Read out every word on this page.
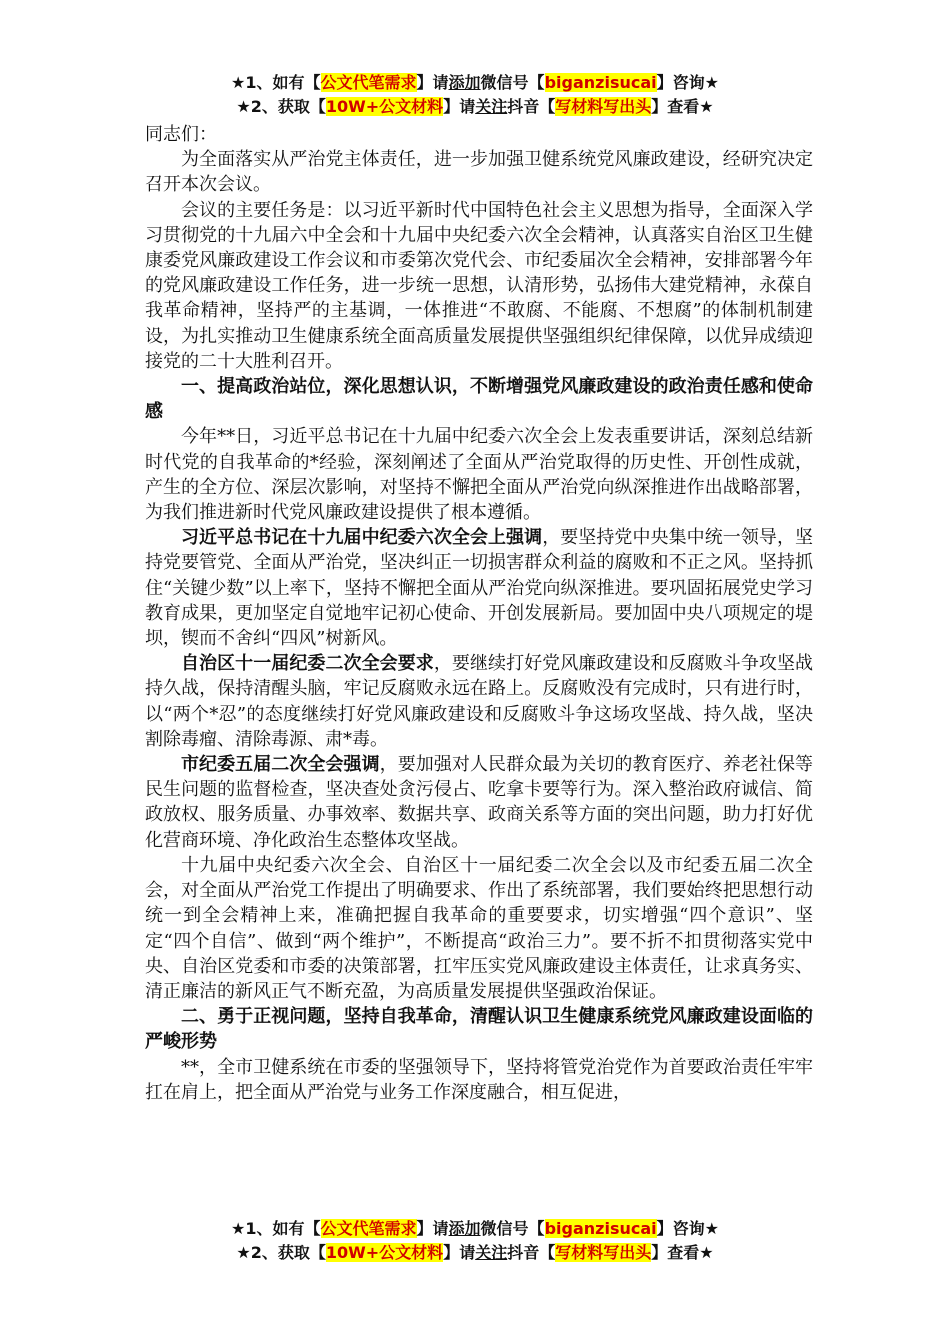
★1、如有【公文代笔需求】请添加微信号【biganzisucai】咨询★
★2、获取【10W+公文材料】请关注抖音【写材料写出头】查看★

同志们：

为全面落实从严治党主体责任，进一步加强卫健系统党风廉政建设，经研究决定召开本次会议。

会议的主要任务是：以习近平新时代中国特色社会主义思想为指导，全面深入学习贯彻党的十九届六中全会和十九届中央纪委六次全会精神，认真落实自治区卫生健康委党风廉政建设工作会议和市委第次党代会、市纪委届次全会精神，安排部署今年的党风廉政建设工作任务，进一步统一思想，认清形势，弘扬伟大建党精神，永葆自我革命精神，坚持严的主基调，一体推进“不敢腐、不能腐、不想腐”的体制机制建设，为扎实推动卫生健康系统全面高质量发展提供坚强组织纪律保障，以优异成绩迎接党的二十大胜利召开。

一、提高政治站位，深化思想认识，不断增强党风廉政建设的政治责任感和使命感

今年**日，习近平总书记在十九届中纪委六次全会上发表重要讲话，深刻总结新时代党的自我革命的*经验，深刻阐述了全面从严治党取得的历史性、开创性成就，产生的全方位、深层次影响，对坚持不懈把全面从严治党向纵深推进作出战略部署，为我们推进新时代党风廉政建设提供了根本遵循。

习近平总书记在十九届中纪委六次全会上强调，要坚持党中央集中统一领导，坚持党要管党、全面从严治党，坚决纠正一切损害群众利益的腐败和不正之风。坚持抓住“关键少数”以上率下，坚持不懈把全面从严治党向纵深推进。要巩固拓展党史学习教育成果，更加坚定自觉地牢记初心使命、开创发展新局。要加固中央八项规定的堤坝，锲而不舍纠“四风”树新风。

自治区十一届纪委二次全会要求，要继续打好党风廉政建设和反腐败斗争攻坚战持久战，保持清醒头脑，牢记反腐败永远在路上。反腐败没有完成时，只有进行时，以“两个*忍”的态度继续打好党风廉政建设和反腐败斗争这场攻坚战、持久战，坚决割除毒瘤、清除毒源、肃*毒。

市纪委五届二次全会强调，要加强对人民群众最为关切的教育医疗、养老社保等民生问题的监督检查，坚决查处贪污侵占、吃拿卡要等行为。深入整治政府诚信、简政放权、服务质量、办事效率、数据共享、政商关系等方面的突出问题，助力打好优化营商环境、净化政治生态整体攻坚战。

十九届中央纪委六次全会、自治区十一届纪委二次全会以及市纪委五届二次全会，对全面从严治党工作提出了明确要求、作出了系统部署，我们要始终把思想行动统一到全会精神上来，准确把握自我革命的重要要求，切实增强“四个意识”、坚定“四个自信”、做到“两个维护”，不断提高“政治三力”。要不折不扣贯彻落实党中央、自治区党委和市委的决策部署，扛牢压实党风廉政建设主体责任，让求真务实、清正廉洁的新风正气不断充盈，为高质量发展提供坚强政治保证。

二、勇于正视问题，坚持自我革命，清醒认识卫生健康系统党风廉政建设面临的严峻形势

**，全市卫健系统在市委的坚强领导下，坚持将管党治党作为首要政治责任牢牢扛在肩上，把全面从严治党与业务工作深度融合，相互促进，

★1、如有【公文代笔需求】请添加微信号【biganzisucai】咨询★
★2、获取【10W+公文材料】请关注抖音【写材料写出头】查看★
